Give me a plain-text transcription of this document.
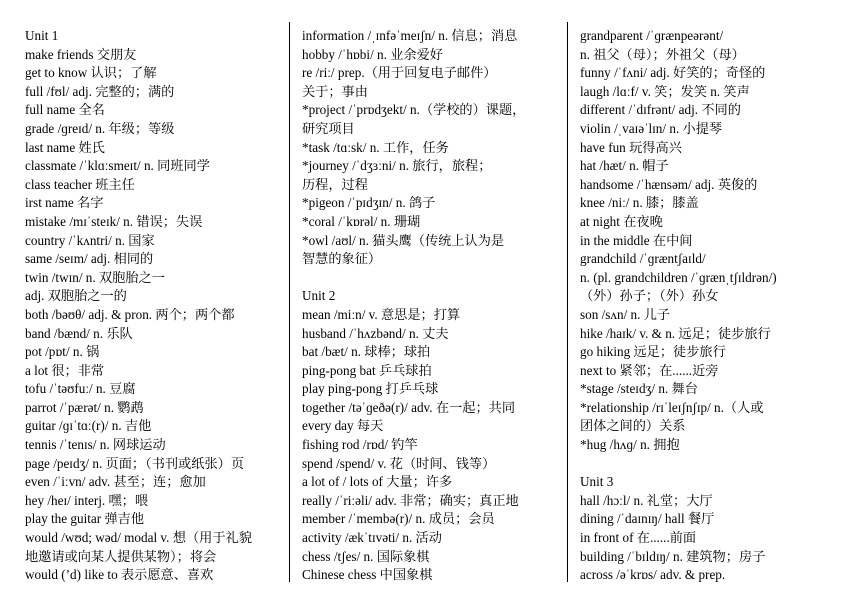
Unit 1
make friends 交朋友
get to know 认识；了解
full /fʊl/ adj. 完整的；满的
full name 全名
grade /ɡreɪd/ n. 年级；等级
last name 姓氏
classmate /ˈklɑːsmeɪt/ n. 同班同学
class teacher 班主任
irst name 名字
mistake /mɪˈsteɪk/ n. 错误；失误
country /ˈkʌntri/ n. 国家
same /seɪm/ adj. 相同的
twin /twɪn/ n. 双胞胎之一
adj. 双胞胎之一的
both /bəʊθ/ adj. & pron. 两个；两个都
band /bænd/ n. 乐队
pot /pɒt/ n. 锅
a lot 很；非常
tofu /ˈtəʊfuː/ n. 豆腐
parrot /ˈpærət/ n. 鹦鹉
guitar /ɡɪˈtɑː(r)/ n. 吉他
tennis /ˈtenɪs/ n. 网球运动
page /peɪdʒ/ n. 页面；（书刊或纸张）页
even /ˈiːvn/ adv. 甚至；连；愈加
hey /heɪ/ interj. 嘿；喂
play the guitar 弹吉他
would /wʊd; wəd/ modal v. 想（用于礼貌
地邀请或向某人提供某物）；将会
would (’d) like to 表示愿意、喜欢
information /ˌɪnfəˈmeɪʃn/ n. 信息；消息
hobby /ˈhɒbi/ n. 业余爱好
re /riː/ prep.（用于回复电子邮件）
关于；事由
*project /ˈprɒdʒekt/ n.（学校的）课题，
研究项目
*task /tɑːsk/ n. 工作，任务
*journey /ˈdʒɜːni/ n. 旅行，旅程；
历程，过程
*pigeon /ˈpɪdʒɪn/ n. 鸽子
*coral /ˈkɒrəl/ n. 珊瑚
*owl /aʊl/ n. 猫头鹰（传统上认为是
智慧的象征）
Unit 2
mean /miːn/ v. 意思是；打算
husband /ˈhʌzbənd/ n. 丈夫
bat /bæt/ n. 球棒；球拍
ping-pong bat 乒乓球拍
play ping-pong 打乒乓球
together /təˈɡeðə(r)/ adv. 在一起；共同
every day 每天
fishing rod /rɒd/ 钓竿
spend /spend/ v. 花（时间、钱等）
a lot of / lots of 大量；许多
really /ˈriːəli/ adv. 非常；确实；真正地
member /ˈmembə(r)/ n. 成员；会员
activity /ækˈtɪvəti/ n. 活动
chess /tʃes/ n. 国际象棋
Chinese chess 中国象棋
grandparent /ˈɡrænpeərənt/
n. 祖父（母）；外祖父（母）
funny /ˈfʌni/ adj. 好笑的；奇怪的
laugh /lɑːf/ v. 笑；发笑 n. 笑声
different /ˈdɪfrənt/ adj. 不同的
violin /ˌvaɪəˈlɪn/ n. 小提琴
have fun 玩得高兴
hat /hæt/ n. 帽子
handsome /ˈhænsəm/ adj. 英俊的
knee /niː/ n. 膝；膝盖
at night 在夜晚
in the middle 在中间
grandchild /ˈɡræntʃaɪld/
n. (pl. grandchildren /ˈɡrænˌtʃɪldrən/)
（外）孙子；（外）孙女
son /sʌn/ n. 儿子
hike /haɪk/ v. & n. 远足；徒步旅行
go hiking 远足；徒步旅行
next to 紧邻；在......近旁
*stage /steɪdʒ/ n. 舞台
*relationship /rɪˈleɪʃnʃɪp/ n.（人或
团体之间的）关系
*hug /hʌɡ/ n. 拥抱
Unit 3
hall /hɔːl/ n. 礼堂；大厅
dining /ˈdaɪnɪŋ/ hall 餐厅
in front of 在......前面
building /ˈbɪldɪŋ/ n. 建筑物；房子
across /əˈkrɒs/ adv. & prep.
